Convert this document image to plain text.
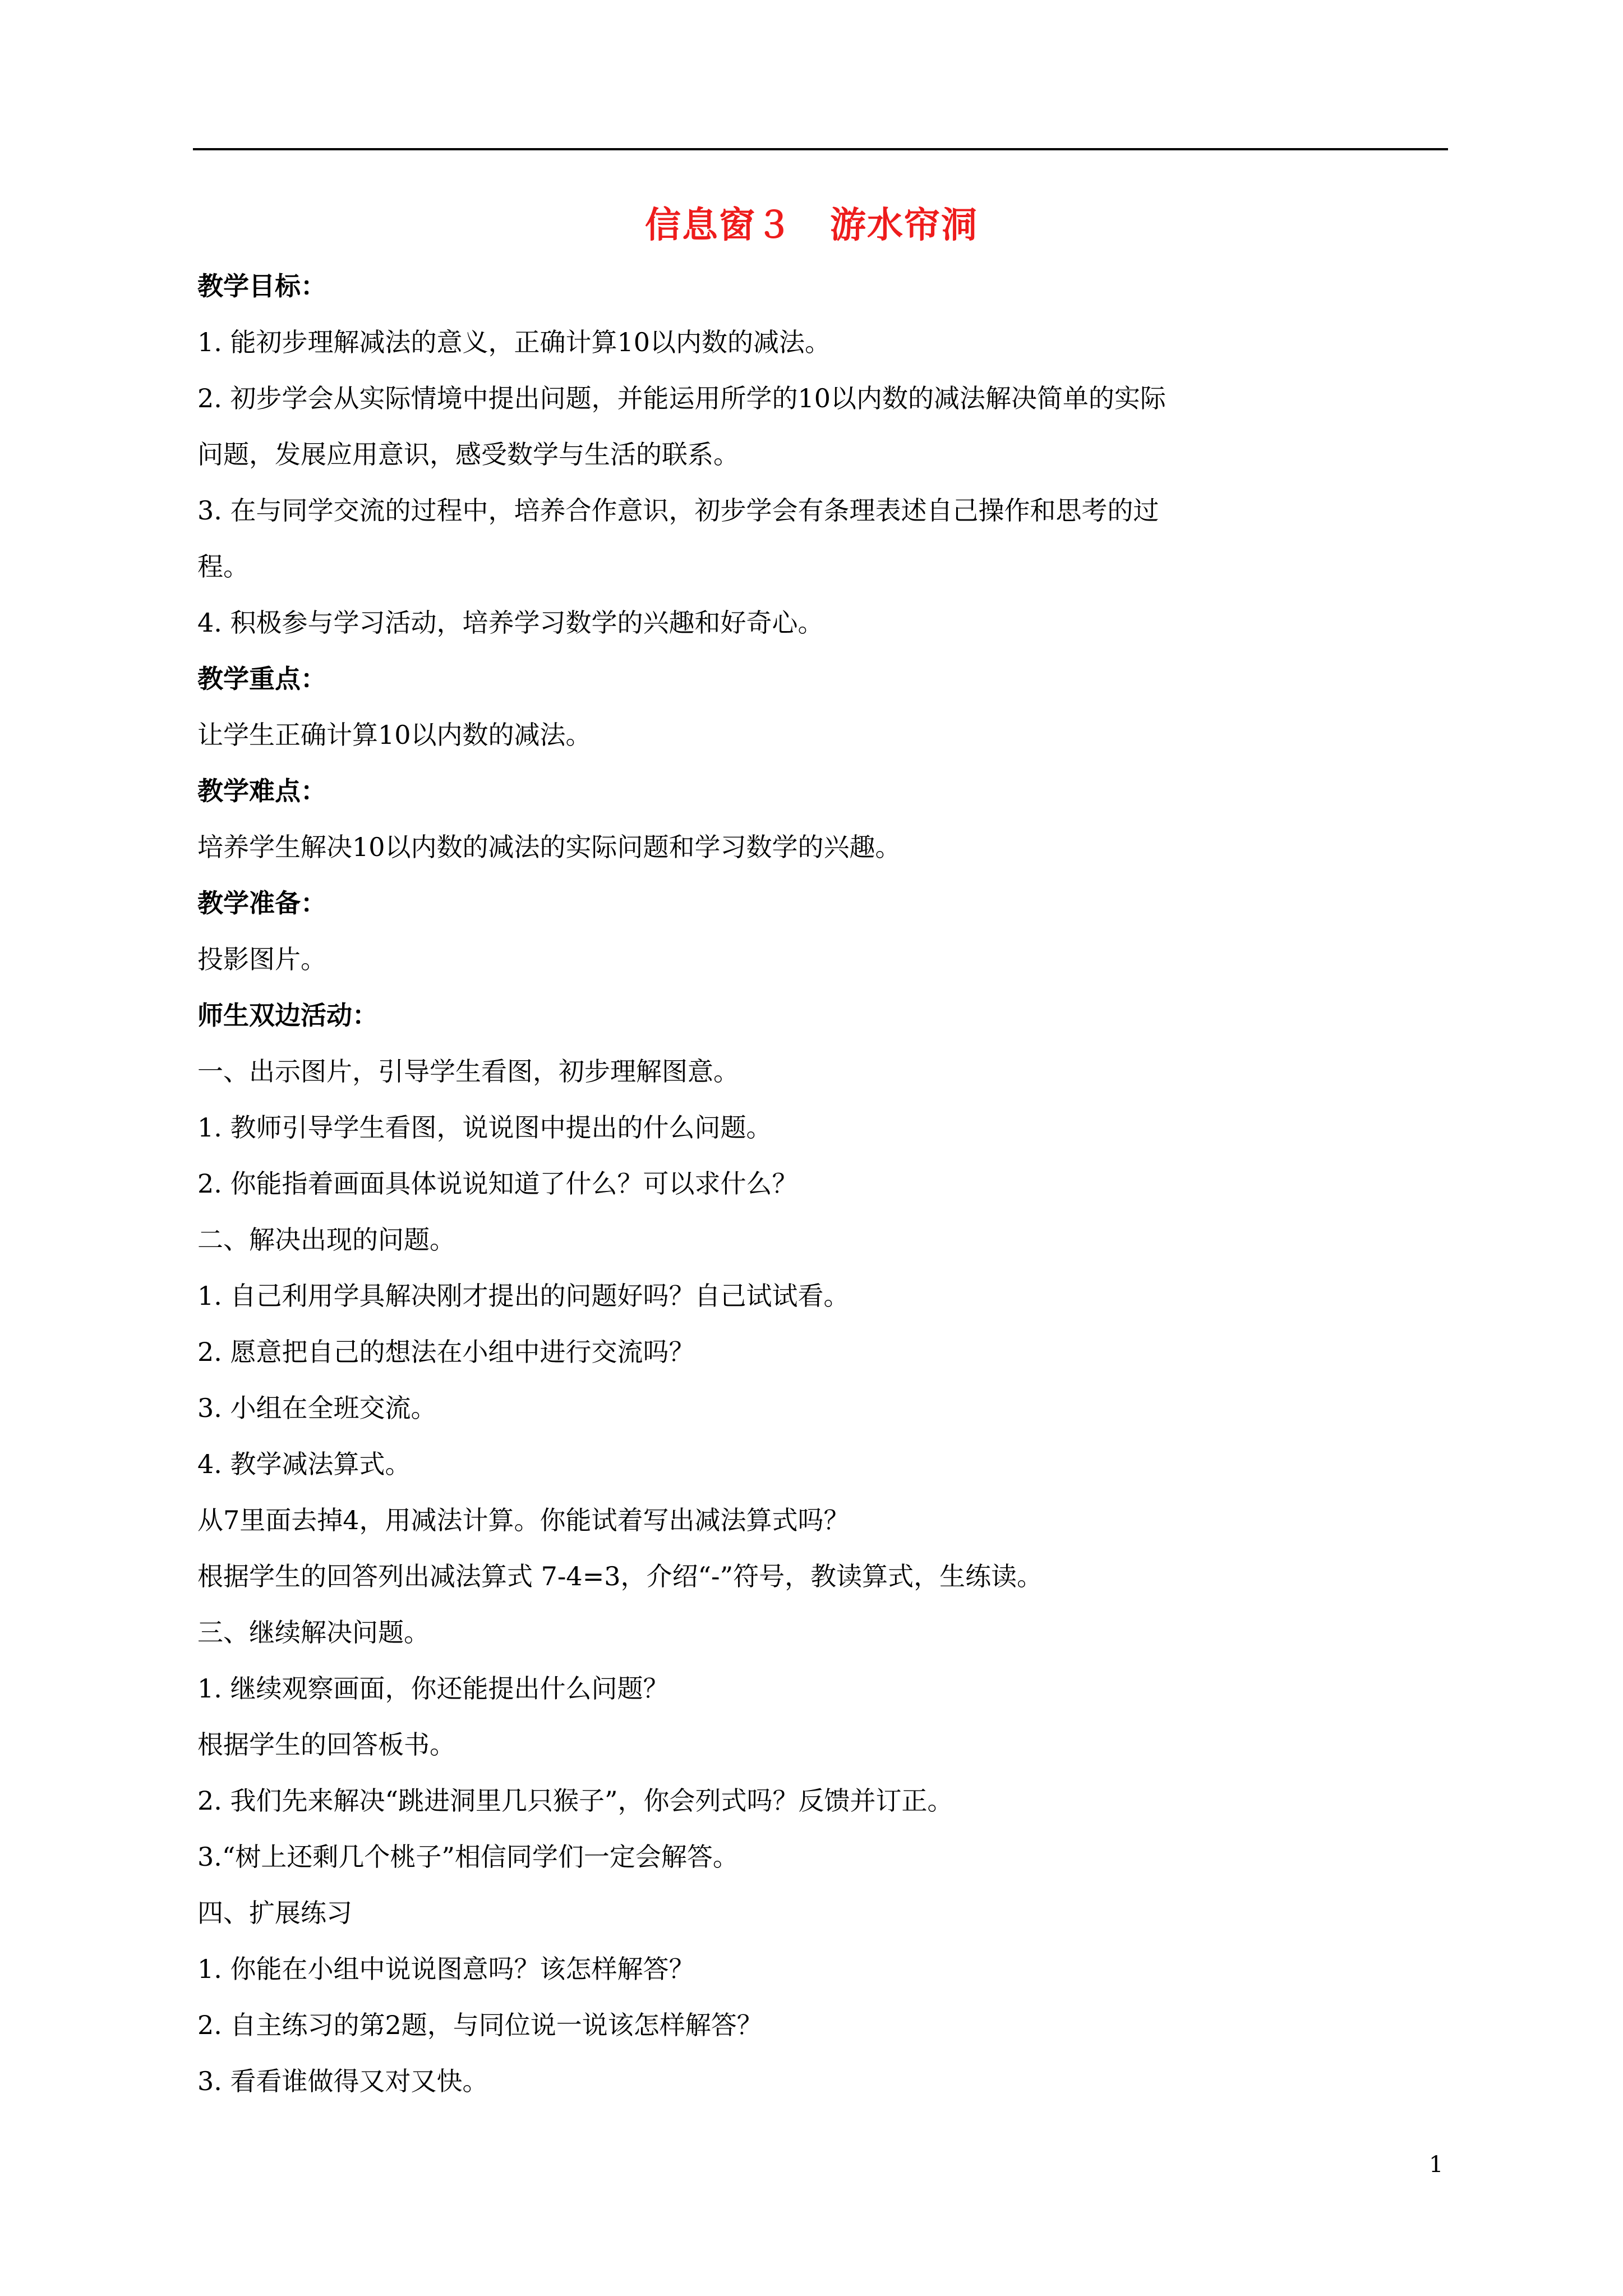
信息窗３　游水帘洞
教学目标：
1. 能初步理解减法的意义，正确计算10以内数的减法。
2. 初步学会从实际情境中提出问题，并能运用所学的10以内数的减法解决简单的实际
问题，发展应用意识，感受数学与生活的联系。
3. 在与同学交流的过程中，培养合作意识，初步学会有条理表述自己操作和思考的过
程。
4. 积极参与学习活动，培养学习数学的兴趣和好奇心。
教学重点：
让学生正确计算10以内数的减法。
教学难点：
培养学生解决10以内数的减法的实际问题和学习数学的兴趣。
教学准备：
投影图片。
师生双边活动：
一、出示图片，引导学生看图，初步理解图意。
1. 教师引导学生看图，说说图中提出的什么问题。
2. 你能指着画面具体说说知道了什么？可以求什么？
二、解决出现的问题。
1. 自己利用学具解决刚才提出的问题好吗？自己试试看。
2. 愿意把自己的想法在小组中进行交流吗？
3. 小组在全班交流。
4. 教学减法算式。
从7里面去掉4，用减法计算。你能试着写出减法算式吗？
根据学生的回答列出减法算式 7-4=3，介绍“-”符号，教读算式，生练读。
三、继续解决问题。
1. 继续观察画面，你还能提出什么问题？
根据学生的回答板书。
2. 我们先来解决“跳进洞里几只猴子”，你会列式吗？反馈并订正。
3.“树上还剩几个桃子”相信同学们一定会解答。
四、扩展练习
1. 你能在小组中说说图意吗？该怎样解答？
2. 自主练习的第2题，与同位说一说该怎样解答？
3. 看看谁做得又对又快。
1
